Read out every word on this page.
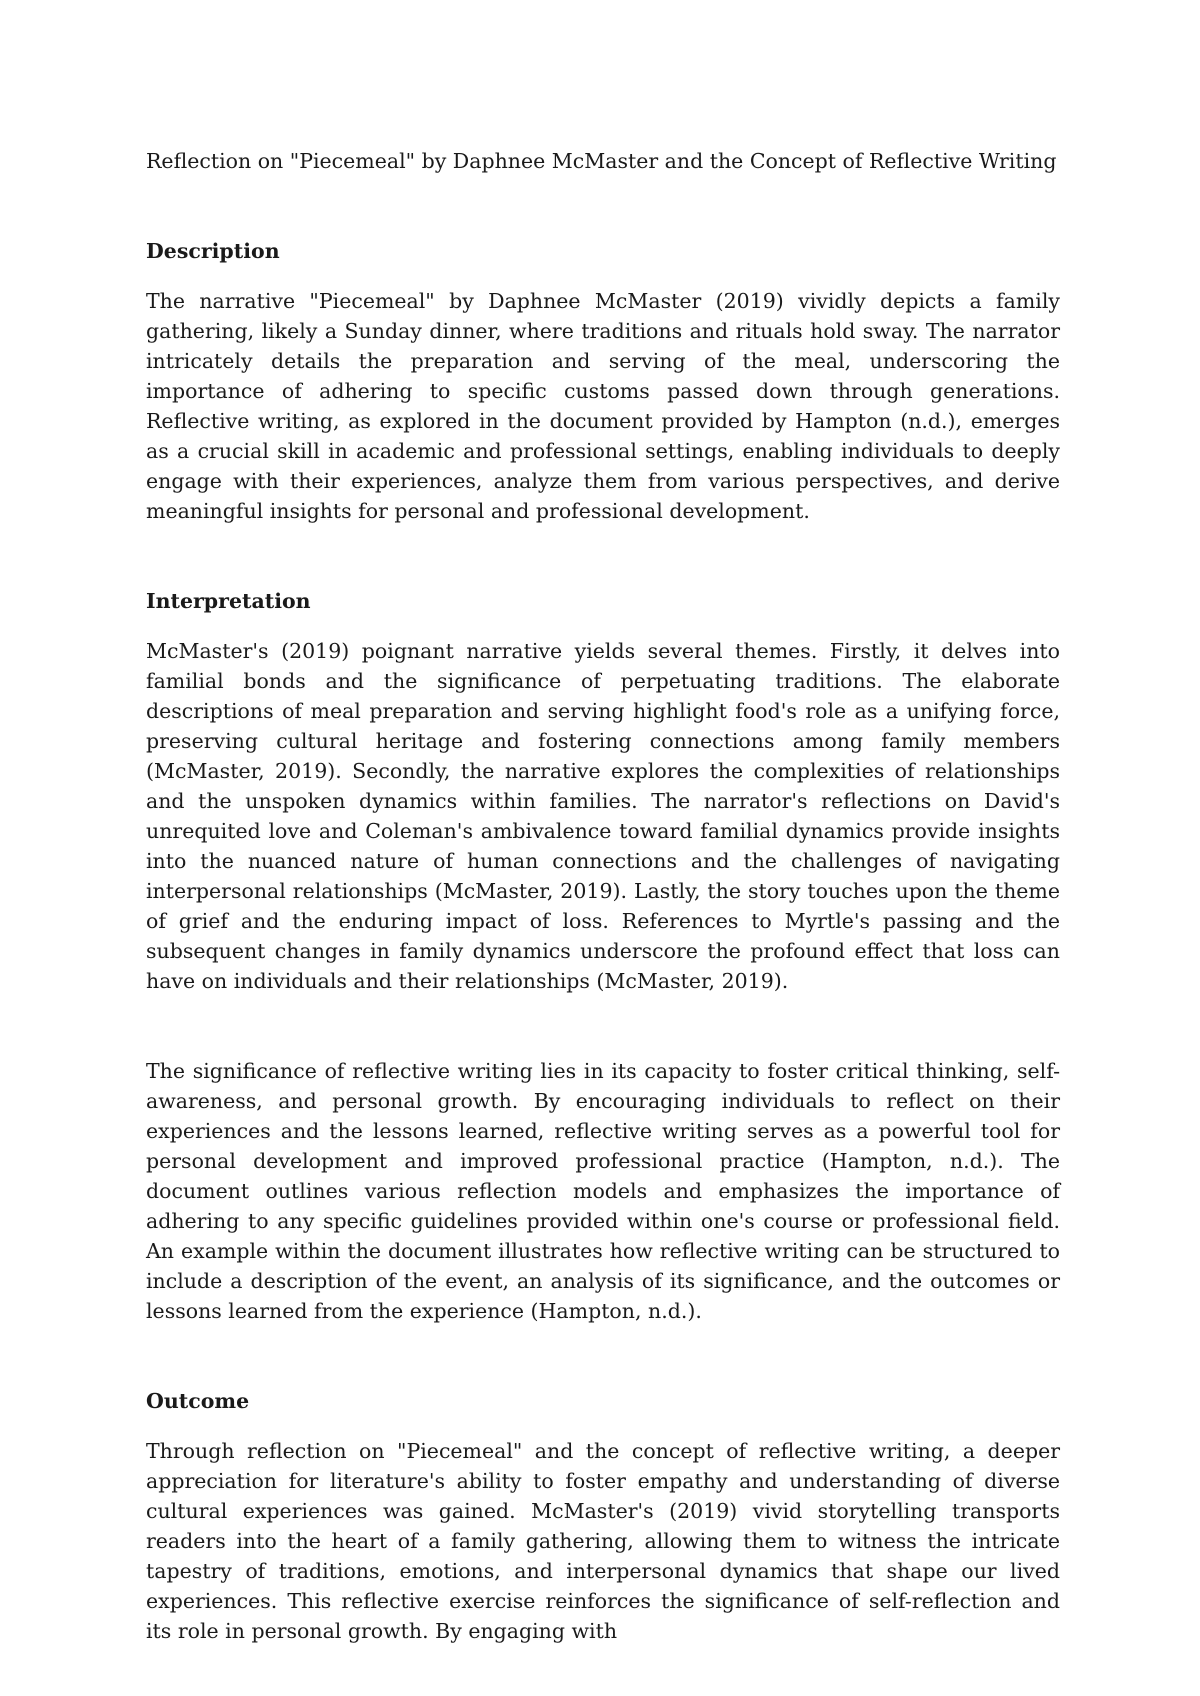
Reflection on "Piecemeal" by Daphnee McMaster and the Concept of Reflective Writing
Description

The narrative "Piecemeal" by Daphnee McMaster (2019) vividly depicts a family gathering, likely a Sunday dinner, where traditions and rituals hold sway. The narrator intricately details the preparation and serving of the meal, underscoring the importance of adhering to specific customs passed down through generations. Reflective writing, as explored in the document provided by Hampton (n.d.), emerges as a crucial skill in academic and professional settings, enabling individuals to deeply engage with their experiences, analyze them from various perspectives, and derive meaningful insights for personal and professional development.

Interpretation

McMaster's (2019) poignant narrative yields several themes. Firstly, it delves into familial bonds and the significance of perpetuating traditions. The elaborate descriptions of meal preparation and serving highlight food's role as a unifying force, preserving cultural heritage and fostering connections among family members (McMaster, 2019). Secondly, the narrative explores the complexities of relationships and the unspoken dynamics within families. The narrator's reflections on David's unrequited love and Coleman's ambivalence toward familial dynamics provide insights into the nuanced nature of human connections and the challenges of navigating interpersonal relationships (McMaster, 2019). Lastly, the story touches upon the theme of grief and the enduring impact of loss. References to Myrtle's passing and the subsequent changes in family dynamics underscore the profound effect that loss can have on individuals and their relationships (McMaster, 2019).

The significance of reflective writing lies in its capacity to foster critical thinking, self-awareness, and personal growth. By encouraging individuals to reflect on their experiences and the lessons learned, reflective writing serves as a powerful tool for personal development and improved professional practice (Hampton, n.d.). The document outlines various reflection models and emphasizes the importance of adhering to any specific guidelines provided within one's course or professional field. An example within the document illustrates how reflective writing can be structured to include a description of the event, an analysis of its significance, and the outcomes or lessons learned from the experience (Hampton, n.d.).

Outcome

Through reflection on "Piecemeal" and the concept of reflective writing, a deeper appreciation for literature's ability to foster empathy and understanding of diverse cultural experiences was gained. McMaster's (2019) vivid storytelling transports readers into the heart of a family gathering, allowing them to witness the intricate tapestry of traditions, emotions, and interpersonal dynamics that shape our lived experiences. This reflective exercise reinforces the significance of self-reflection and its role in personal growth. By engaging with
